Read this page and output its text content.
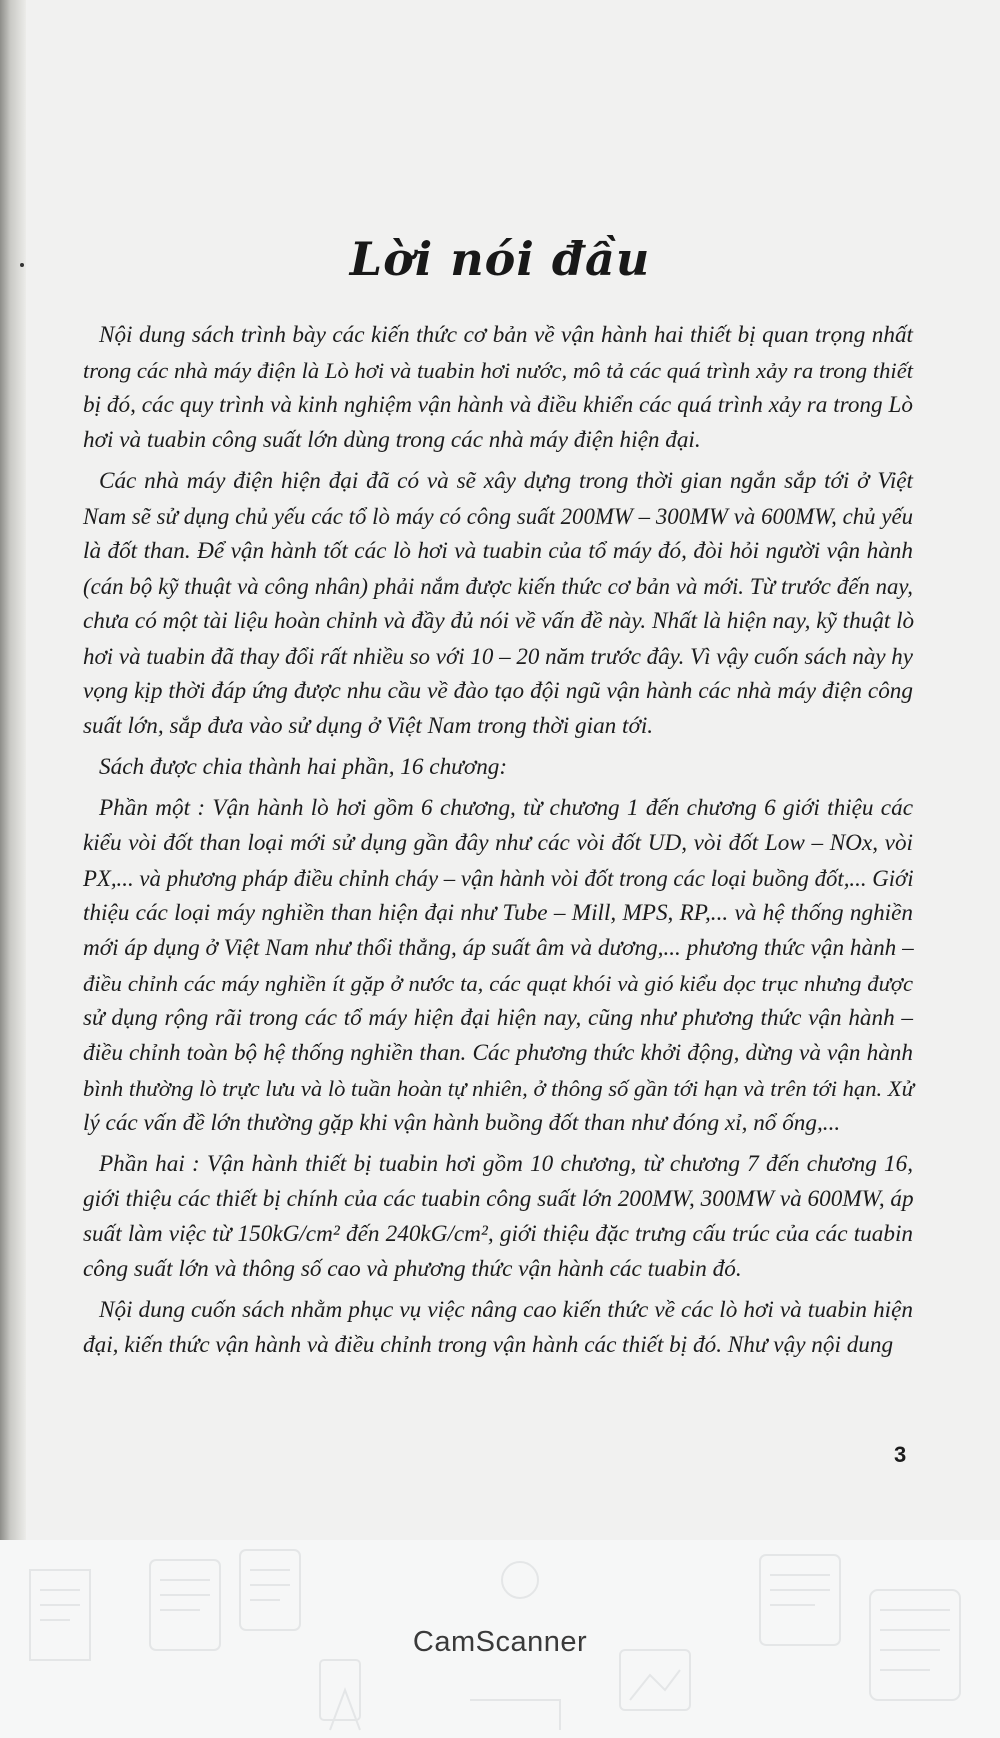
Lời nói đầu

Nội dung sách trình bày các kiến thức cơ bản về vận hành hai thiết bị quan trọng nhất
trong các nhà máy điện là Lò hơi và tuabin hơi nước, mô tả các quá trình xảy ra trong thiết
bị đó, các quy trình và kinh nghiệm vận hành và điều khiển các quá trình xảy ra trong Lò
hơi và tuabin công suất lớn dùng trong các nhà máy điện hiện đại.

Các nhà máy điện hiện đại đã có và sẽ xây dựng trong thời gian ngắn sắp tới ở Việt
Nam sẽ sử dụng chủ yếu các tổ lò máy có công suất 200MW – 300MW và 600MW, chủ yếu
là đốt than. Để vận hành tốt các lò hơi và tuabin của tổ máy đó, đòi hỏi người vận hành
(cán bộ kỹ thuật và công nhân) phải nắm được kiến thức cơ bản và mới. Từ trước đến nay,
chưa có một tài liệu hoàn chỉnh và đầy đủ nói về vấn đề này. Nhất là hiện nay, kỹ thuật lò
hơi và tuabin đã thay đổi rất nhiều so với 10 – 20 năm trước đây. Vì vậy cuốn sách này hy
vọng kịp thời đáp ứng được nhu cầu về đào tạo đội ngũ vận hành các nhà máy điện công
suất lớn, sắp đưa vào sử dụng ở Việt Nam trong thời gian tới.

Sách được chia thành hai phần, 16 chương:

Phần một : Vận hành lò hơi gồm 6 chương, từ chương 1 đến chương 6 giới thiệu các
kiểu vòi đốt than loại mới sử dụng gần đây như các vòi đốt UD, vòi đốt Low – NOx, vòi
PX,... và phương pháp điều chỉnh cháy – vận hành vòi đốt trong các loại buồng đốt,... Giới
thiệu các loại máy nghiền than hiện đại như Tube – Mill, MPS, RP,... và hệ thống nghiền
mới áp dụng ở Việt Nam như thổi thẳng, áp suất âm và dương,... phương thức vận hành –
điều chỉnh các máy nghiền ít gặp ở nước ta, các quạt khói và gió kiểu dọc trục nhưng được
sử dụng rộng rãi trong các tổ máy hiện đại hiện nay, cũng như phương thức vận hành –
điều chỉnh toàn bộ hệ thống nghiền than. Các phương thức khởi động, dừng và vận hành
bình thường lò trực lưu và lò tuần hoàn tự nhiên, ở thông số gần tới hạn và trên tới hạn. Xử
lý các vấn đề lớn thường gặp khi vận hành buồng đốt than như đóng xỉ, nổ ống,...

Phần hai : Vận hành thiết bị tuabin hơi gồm 10 chương, từ chương 7 đến chương 16,
giới thiệu các thiết bị chính của các tuabin công suất lớn 200MW, 300MW và 600MW, áp
suất làm việc từ 150kG/cm² đến 240kG/cm², giới thiệu đặc trưng cấu trúc của các tuabin
công suất lớn và thông số cao và phương thức vận hành các tuabin đó.

Nội dung cuốn sách nhằm phục vụ việc nâng cao kiến thức về các lò hơi và tuabin hiện
đại, kiến thức vận hành và điều chỉnh trong vận hành các thiết bị đó. Như vậy nội dung

3
CamScanner
